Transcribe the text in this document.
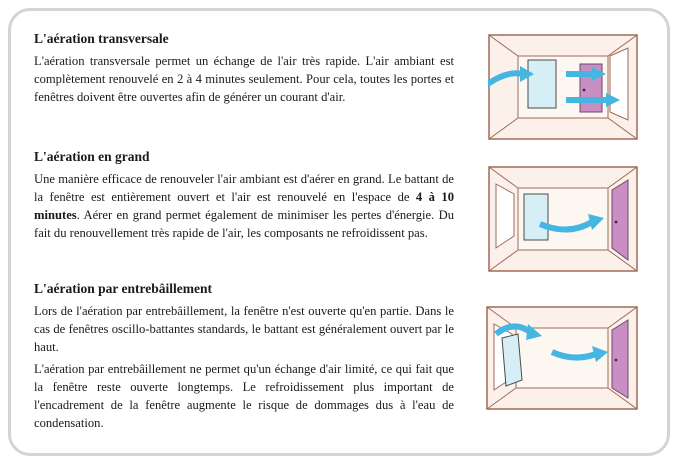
L'aération transversale

L'aération transversale permet un échange de l'air très rapide. L'air ambiant est complètement renouvelé en 2 à 4 minutes seulement. Pour cela, toutes les portes et fenêtres doivent être ouvertes afin de générer un courant d'air.

L'aération en grand

Une manière efficace de renouveler l'air ambiant est d'aérer en grand. Le battant de la fenêtre est entièrement ouvert et l'air est renouvelé en l'espace de 4 à 10 minutes. Aérer en grand permet également de minimiser les pertes d'énergie. Du fait du renouvellement très rapide de l'air, les composants ne refroidissent pas.

L'aération par entrebâillement

Lors de l'aération par entrebâillement, la fenêtre n'est ouverte qu'en partie. Dans le cas de fenêtres oscillo-battantes standards, le battant est généralement ouvert par le haut.

L'aération par entrebâillement ne permet qu'un échange d'air limité, ce qui fait que la fenêtre reste ouverte longtemps. Le refroidissement plus important de l'encadrement de la fenêtre augmente le risque de dommages dus à l'eau de condensation.
